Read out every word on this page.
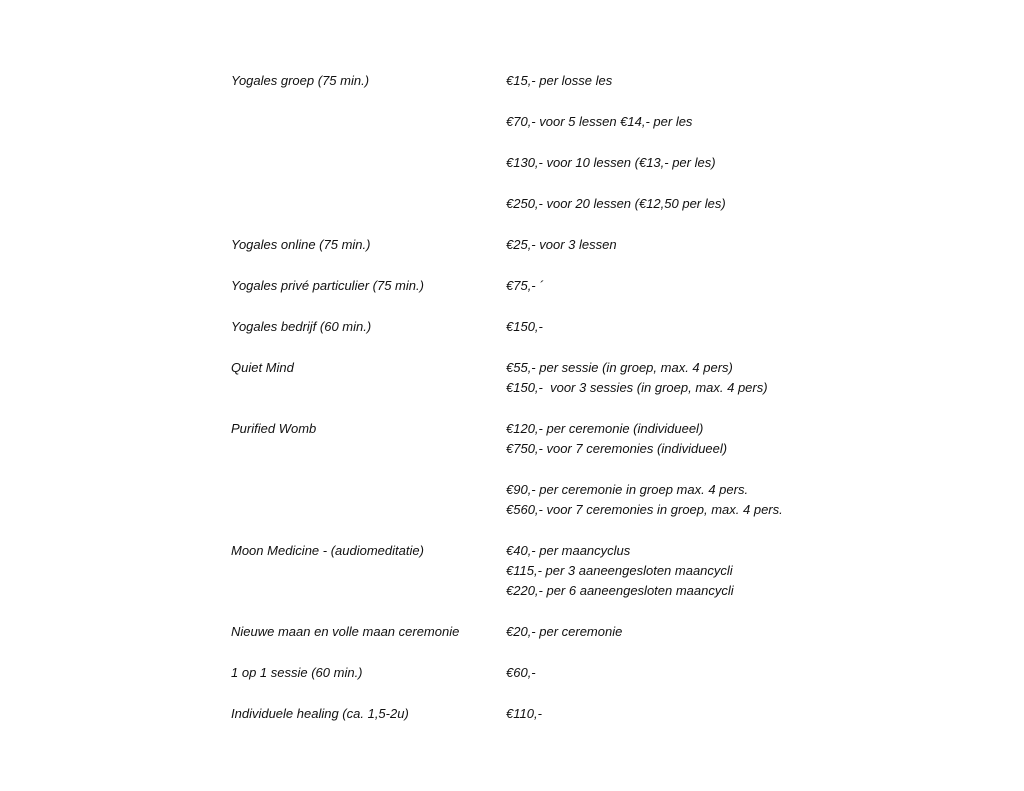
Yogales groep (75 min.)	€15,- per losse les
€70,- voor 5 lessen €14,- per les
€130,- voor 10 lessen (€13,- per les)
€250,- voor 20 lessen (€12,50 per les)
Yogales online (75 min.)	€25,- voor 3 lessen
Yogales privé particulier (75 min.)	€75,- ´
Yogales bedrijf (60 min.)	€150,-
Quiet Mind	€55,- per sessie (in groep, max. 4 pers)
€150,-  voor 3 sessies (in groep, max. 4 pers)
Purified Womb	€120,- per ceremonie (individueel)
€750,- voor 7 ceremonies (individueel)
€90,- per ceremonie in groep max. 4 pers.
€560,- voor 7 ceremonies in groep, max. 4 pers.
Moon Medicine - (audiomeditatie)	€40,- per maancyclus
€115,- per 3 aaneengesloten maancycli
€220,- per 6 aaneengesloten maancycli
Nieuwe maan en volle maan ceremonie	€20,- per ceremonie
1 op 1 sessie (60 min.)	€60,-
Individuele healing (ca. 1,5-2u)	€110,-
